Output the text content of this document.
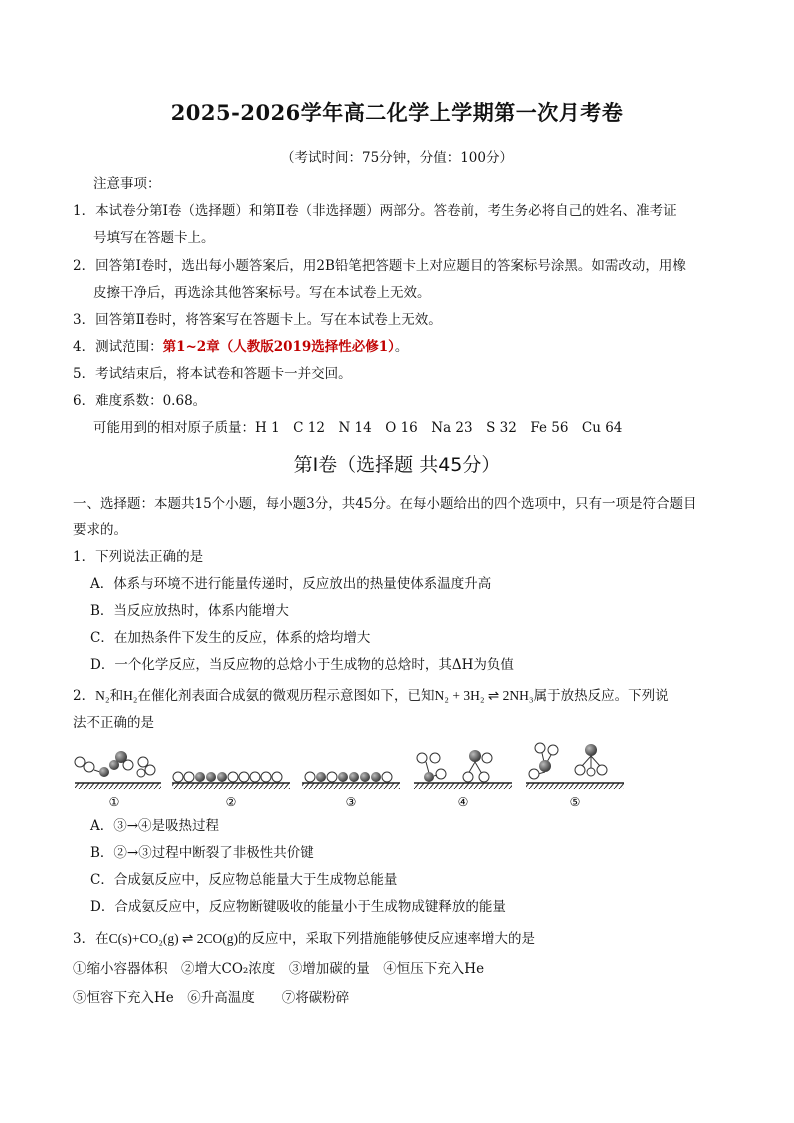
2025-2026学年高二化学上学期第一次月考卷
（考试时间：75分钟，分值：100分）
注意事项：
1．本试卷分第Ⅰ卷（选择题）和第Ⅱ卷（非选择题）两部分。答卷前，考生务必将自己的姓名、准考证
号填写在答题卡上。
2．回答第Ⅰ卷时，选出每小题答案后，用2B铅笔把答题卡上对应题目的答案标号涂黑。如需改动，用橡
皮擦干净后，再选涂其他答案标号。写在本试卷上无效。
3．回答第Ⅱ卷时，将答案写在答题卡上。写在本试卷上无效。
4．测试范围：第1~2章（人教版2019选择性必修1）。
5．考试结束后，将本试卷和答题卡一并交回。
6．难度系数：0.68。
可能用到的相对原子质量：H 1　C 12　N 14　O 16　Na 23　S 32　Fe 56　Cu 64
第Ⅰ卷（选择题 共45分）
一、选择题：本题共15个小题，每小题3分，共45分。在每小题给出的四个选项中，只有一项是符合题目
要求的。
1．下列说法正确的是
A．体系与环境不进行能量传递时，反应放出的热量使体系温度升高
B．当反应放热时，体系内能增大
C．在加热条件下发生的反应，体系的焓均增大
D．一个化学反应，当反应物的总焓小于生成物的总焓时，其ΔH为负值
2．N₂和H₂在催化剂表面合成氨的微观历程示意图如下，已知N₂ + 3H₂ ⇌ 2NH₃属于放热反应。下列说
法不正确的是
①	②	③	④	⑤
A．③→④是吸热过程
B．②→③过程中断裂了非极性共价键
C．合成氨反应中，反应物总能量大于生成物总能量
D．合成氨反应中，反应物断键吸收的能量小于生成物成键释放的能量
3．在C(s)+CO₂(g) ⇌ 2CO(g)的反应中，采取下列措施能够使反应速率增大的是
①缩小容器体积　②增大CO₂浓度　③增加碳的量　④恒压下充入He
⑤恒容下充入He　⑥升高温度　　⑦将碳粉碎
